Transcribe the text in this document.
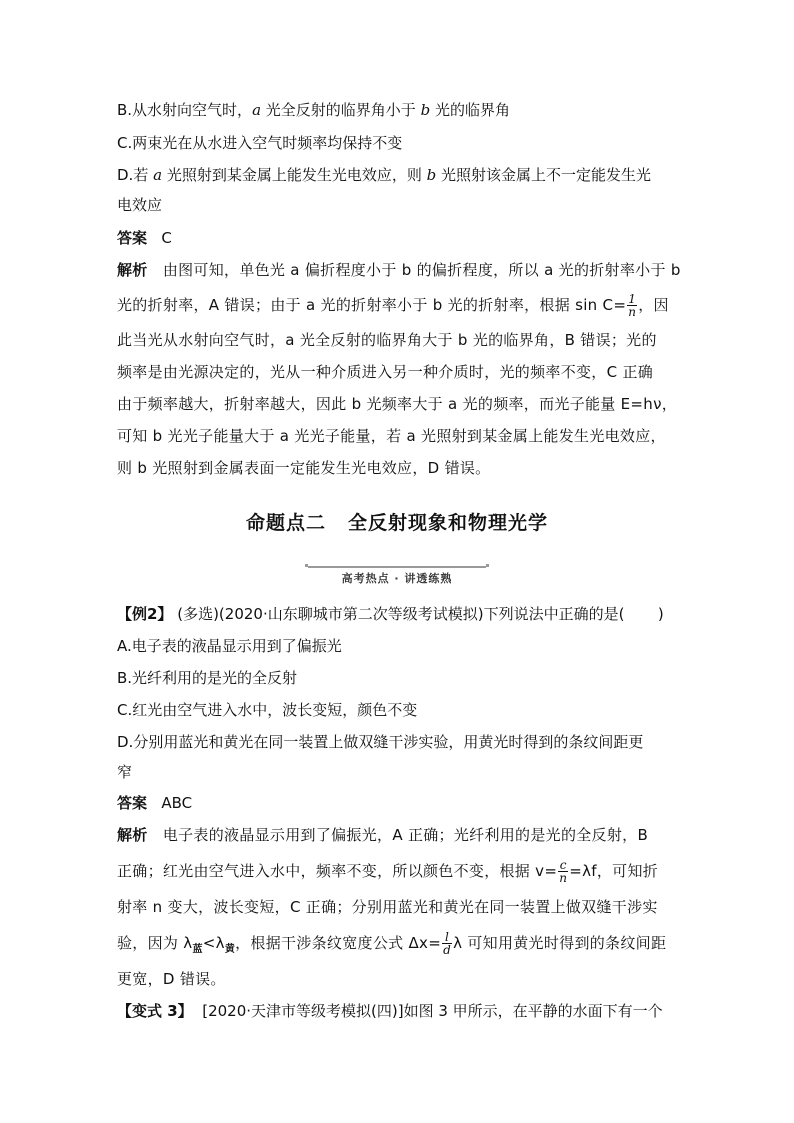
B.从水射向空气时，a 光全反射的临界角小于 b 光的临界角
C.两束光在从水进入空气时频率均保持不变
D.若 a 光照射到某金属上能发生光电效应，则 b 光照射该金属上不一定能发生光
电效应
答案 C
解析 由图可知，单色光 a 偏折程度小于 b 的偏折程度，所以 a 光的折射率小于 b
光的折射率，A 错误；由于 a 光的折射率小于 b 光的折射率，根据 $\sin C= \frac{1}{n}$ ，因
此当光从水射向空气时，a 光全反射的临界角大于 b 光的临界角，B 错误；光的
频率是由光源决定的，光从一种介质进入另一种介质时，光的频率不变，C 正确
由于频率越大，折射率越大，因此 b 光频率大于 a 光的频率，而光子能量 E=hν，
可知 b 光光子能量大于 a 光光子能量，若 a 光照射到某金属上能发生光电效应，
则 b 光照射到金属表面一定能发生光电效应，D 错误。
命题点二 全反射现象和物理光学
高考热点 · 讲透练熟
【例2】 (多选)(2020·山东聊城市第二次等级考试模拟)下列说法中正确的是( )
A.电子表的液晶显示用到了偏振光
B.光纤利用的是光的全反射
C.红光由空气进入水中，波长变短，颜色不变
D.分别用蓝光和黄光在同一装置上做双缝干涉实验，用黄光时得到的条纹间距更
窄
答案 ABC
解析 电子表的液晶显示用到了偏振光，A 正确；光纤利用的是光的全反射，B
正确；红光由空气进入水中，频率不变，所以颜色不变，根据 $v= \frac{c}{n} =\lambda f$，可知折
射率 n 变大，波长变短，C 正确；分别用蓝光和黄光在同一装置上做双缝干涉实
验，因为 $\lambda_蓝<\lambda_黄$，根据干涉条纹宽度公式 $\Delta x= \frac{l}{d}$ λ 可知用黄光时得到的条纹间距
更宽，D 错误。
【变式 3】 [2020·天津市等级考模拟(四)]如图 3 甲所示，在平静的水面下有一个
